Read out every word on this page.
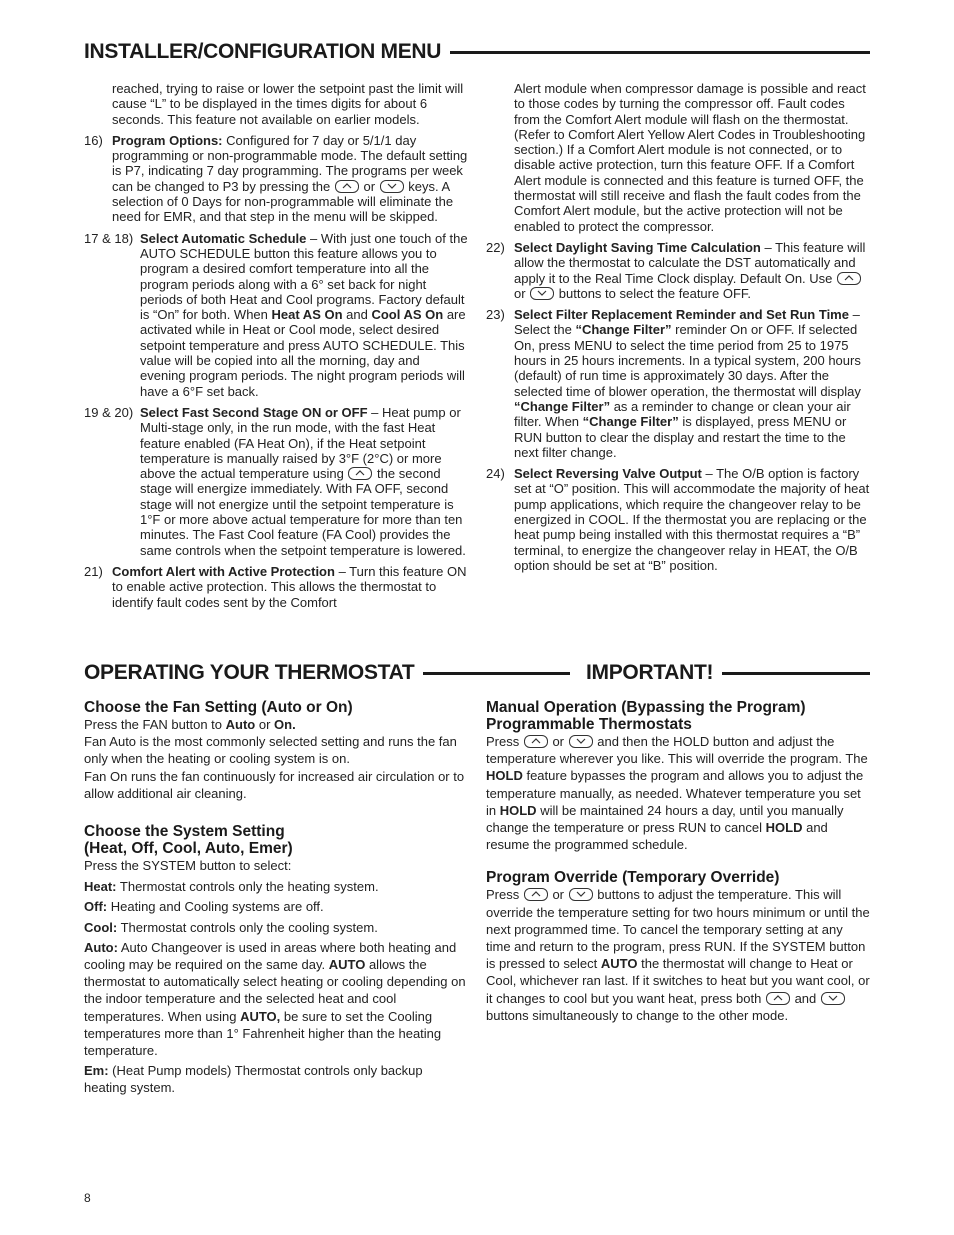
INSTALLER/CONFIGURATION MENU
reached, trying to raise or lower the setpoint past the limit will cause “L” to be displayed in the times digits for about 6 seconds. This feature not available on earlier models.
16) Program Options: Configured for 7 day or 5/1/1 day programming or non-programmable mode. The default setting is P7, indicating 7 day programming. The programs per week can be changed to P3 by pressing the
or
keys. A selection of 0 Days for non-programmable will eliminate the need for EMR, and that step in the menu will be skipped.
17 & 18) Select Automatic Schedule – With just one touch of the AUTO SCHEDULE button this feature allows you to program a desired comfort temperature into all the program periods along with a 6° set back for night periods of both Heat and Cool programs. Factory default is “On” for both. When Heat AS On and Cool AS On are activated while in Heat or Cool mode, select desired setpoint temperature and press AUTO SCHEDULE. This value will be copied into all the morning, day and evening program periods. The night program periods will have a 6°F set back.
19 & 20) Select Fast Second Stage ON or OFF – Heat pump or Multi-stage only, in the run mode, with the fast Heat feature enabled (FA Heat On), if the Heat setpoint temperature is manually raised by 3°F (2°C) or more above the actual temperature using
the second stage will energize immediately. With FA OFF, second stage will not energize until the setpoint temperature is 1°F or more above actual temperature for more than ten minutes. The Fast Cool feature (FA Cool) provides the same controls when the setpoint temperature is lowered.
21) Comfort Alert with Active Protection – Turn this feature ON to enable active protection. This allows the thermostat to identify fault codes sent by the Comfort
Alert module when compressor damage is possible and react to those codes by turning the compressor off. Fault codes from the Comfort Alert module will flash on the thermostat. (Refer to Comfort Alert Yellow Alert Codes in Troubleshooting section.) If a Comfort Alert module is not connected, or to disable active protection, turn this feature OFF. If a Comfort Alert module is connected and this feature is turned OFF, the thermostat will still receive and flash the fault codes from the Comfort Alert module, but the active protection will not be enabled to protect the compressor.
22) Select Daylight Saving Time Calculation – This feature will allow the thermostat to calculate the DST automatically and apply it to the Real Time Clock display. Default On. Use
or
buttons to select the feature OFF.
23) Select Filter Replacement Reminder and Set Run Time – Select the “Change Filter” reminder On or OFF. If selected On, press MENU to select the time period from 25 to 1975 hours in 25 hours increments. In a typical system, 200 hours (default) of run time is approximately 30 days. After the selected time of blower operation, the thermostat will display “Change Filter” as a reminder to change or clean your air filter. When “Change Filter” is displayed, press MENU or RUN button to clear the display and restart the time to the next filter change.
24) Select Reversing Valve Output – The O/B option is factory set at “O” position. This will accommodate the majority of heat pump applications, which require the changeover relay to be energized in COOL. If the thermostat you are replacing or the heat pump being installed with this thermostat requires a “B” terminal, to energize the changeover relay in HEAT, the O/B option should be set at “B” position.
OPERATING YOUR THERMOSTAT	IMPORTANT!
Choose the Fan Setting (Auto or On)

Press the FAN button to Auto or On.

Fan Auto is the most commonly selected setting and runs the fan only when the heating or cooling system is on.

Fan On runs the fan continuously for increased air circulation or to allow additional air cleaning.

Choose the System Setting
(Heat, Off, Cool, Auto, Emer)

Press the SYSTEM button to select:

Heat: Thermostat controls only the heating system.

Off: Heating and Cooling systems are off.

Cool: Thermostat controls only the cooling system.

Auto: Auto Changeover is used in areas where both heating and cooling may be required on the same day. AUTO allows the thermostat to automatically select heating or cooling depending on the indoor temperature and the selected heat and cool temperatures. When using AUTO, be sure to set the Cooling temperatures more than 1° Fahrenheit higher than the heating temperature.

Em: (Heat Pump models) Thermostat controls only backup heating system.

Manual Operation (Bypassing the Program)
Programmable Thermostats

Press
or
and then the HOLD button and adjust the temperature wherever you like. This will override the program. The HOLD feature bypasses the program and allows you to adjust the temperature manually, as needed. Whatever temperature you set in HOLD will be maintained 24 hours a day, until you manually change the temperature or press RUN to cancel HOLD and resume the programmed schedule.

Program Override (Temporary Override)

Press
or
buttons to adjust the temperature. This will override the temperature setting for two hours minimum or until the next programmed time. To cancel the temporary setting at any time and return to the program, press RUN. If the SYSTEM button is pressed to select AUTO the thermostat will change to Heat or Cool, whichever ran last. If it switches to heat but you want cool, or it changes to cool but you want heat, press both
and
buttons simultaneously to change to the other mode.

8
